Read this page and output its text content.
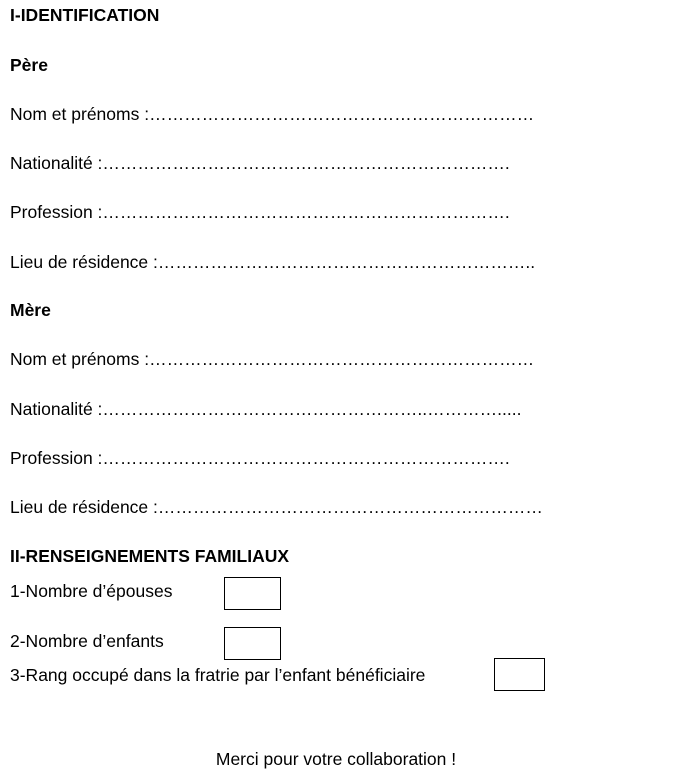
I-IDENTIFICATION
Père
Nom et prénoms :…………………………………………………………
Nationalité :…………………………………………………………….
Profession :…………………………………………………………….
Lieu de résidence :………………………………………………………..
Mère
Nom et prénoms :…………………………………………………………
Nationalité :………………………………………………..………….....
Profession :…………………………………………………………….
Lieu de résidence :…………………………………………………………
II-RENSEIGNEMENTS FAMILIAUX
1-Nombre d’épouses
2-Nombre d’enfants
3-Rang occupé dans la fratrie par l’enfant bénéficiaire
Merci pour votre collaboration !
